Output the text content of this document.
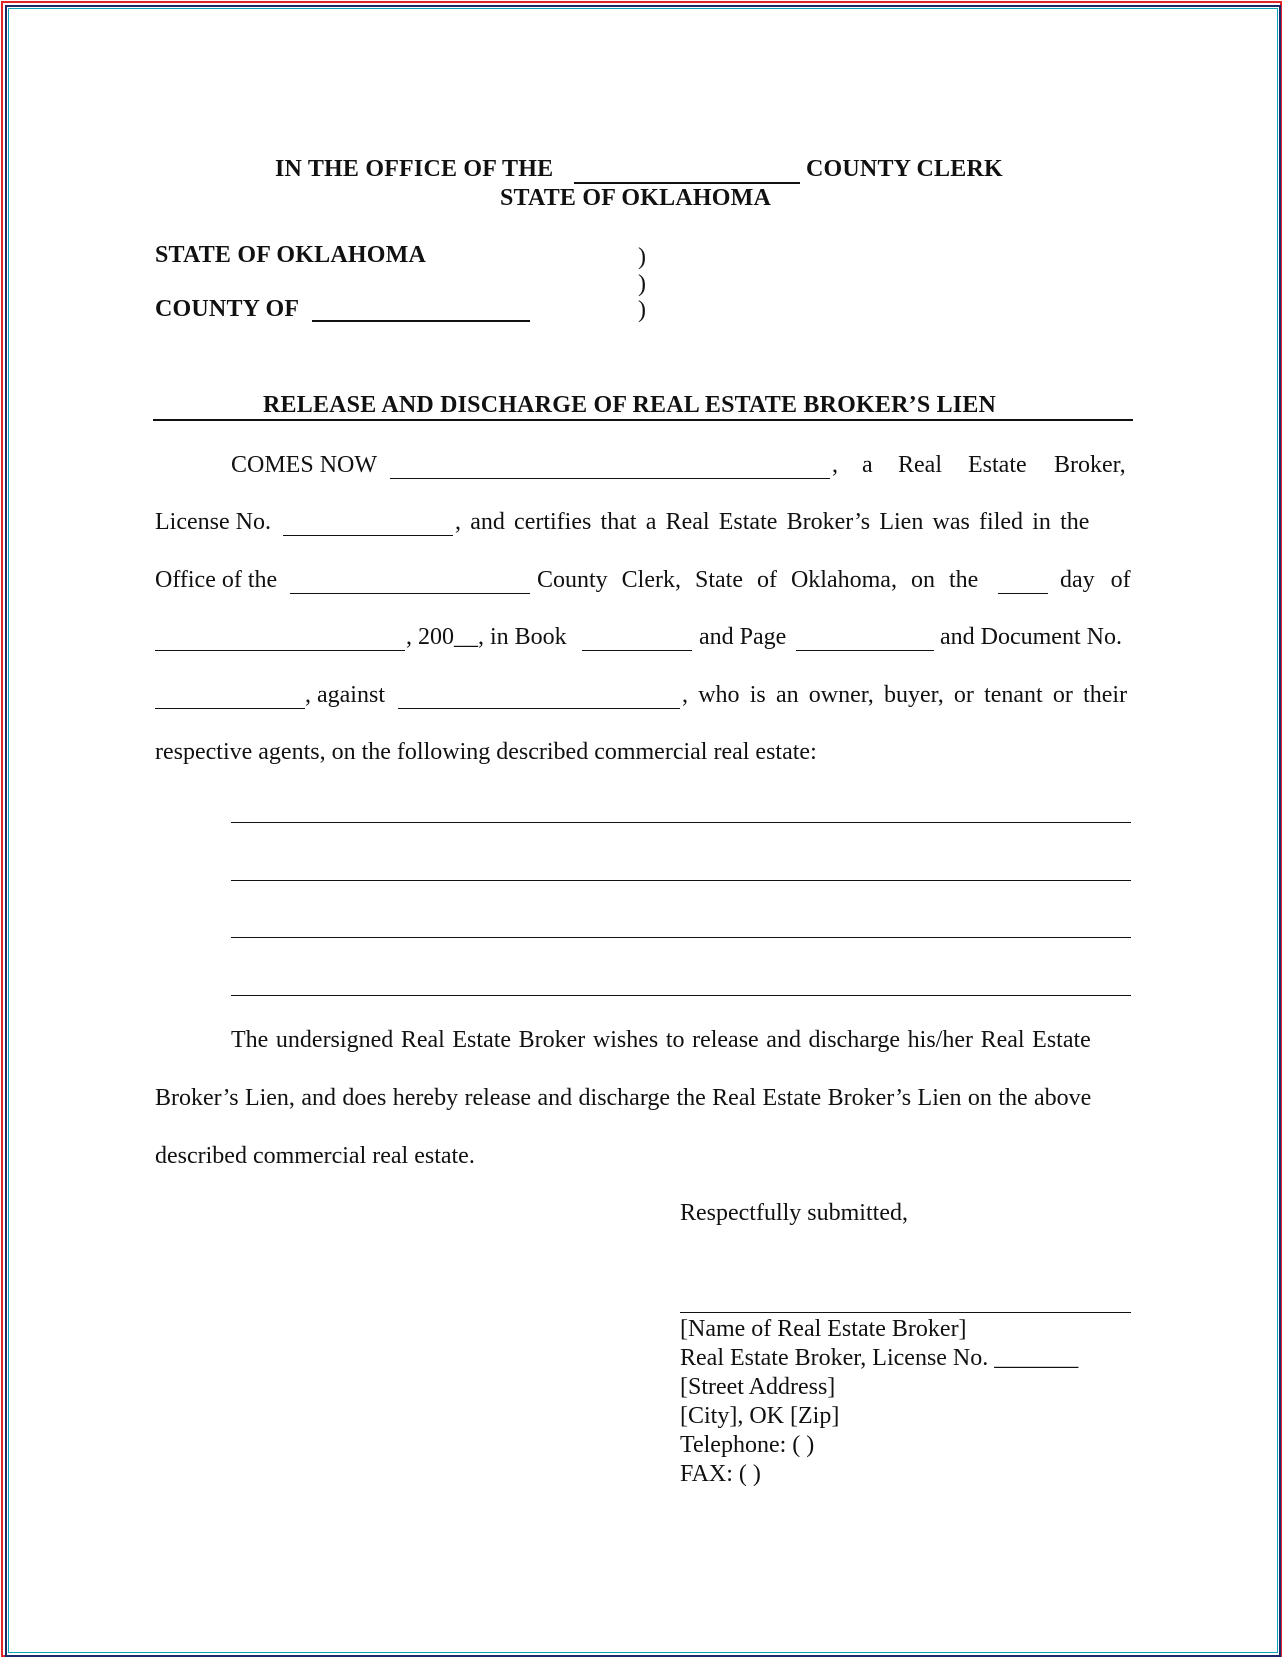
IN THE OFFICE OF THE	COUNTY CLERK
STATE OF OKLAHOMA
STATE OF OKLAHOMA
COUNTY OF
)
)
)
RELEASE AND DISCHARGE OF REAL ESTATE BROKER’S LIEN
COMES NOW	, a Real Estate Broker,
License No.	, and certifies that a Real Estate Broker’s Lien was filed in the
Office of the	County Clerk, State of Oklahoma, on the	day of
, 200__, in Book	and Page	and Document No.
, against	, who is an owner, buyer, or tenant or their
respective agents, on the following described commercial real estate:
The undersigned Real Estate Broker wishes to release and discharge his/her Real Estate
Broker’s Lien, and does hereby release and discharge the Real Estate Broker’s Lien on the above
described commercial real estate.
Respectfully submitted,
[Name of Real Estate Broker]
Real Estate Broker, License No. _______
[Street Address]
[City], OK [Zip]
Telephone: ( )
FAX: ( )
